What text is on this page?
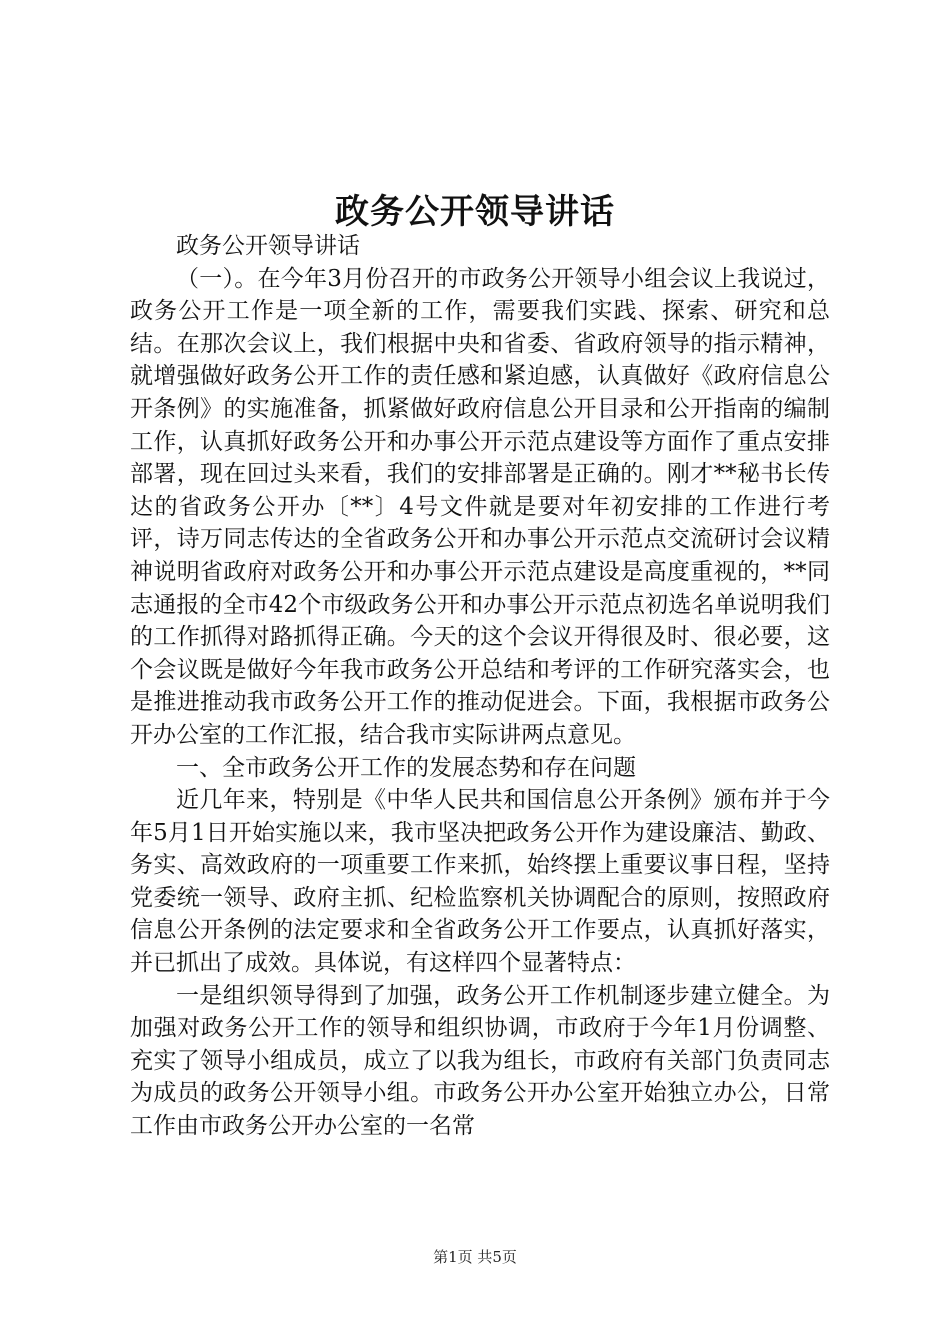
政务公开领导讲话

政务公开领导讲话

（一）。在今年3月份召开的市政务公开领导小组会议上我说过，政务公开工作是一项全新的工作，需要我们实践、探索、研究和总结。在那次会议上，我们根据中央和省委、省政府领导的指示精神，就增强做好政务公开工作的责任感和紧迫感，认真做好《政府信息公开条例》的实施准备，抓紧做好政府信息公开目录和公开指南的编制工作，认真抓好政务公开和办事公开示范点建设等方面作了重点安排部署，现在回过头来看，我们的安排部署是正确的。刚才**秘书长传达的省政务公开办〔**〕4号文件就是要对年初安排的工作进行考评，诗万同志传达的全省政务公开和办事公开示范点交流研讨会议精神说明省政府对政务公开和办事公开示范点建设是高度重视的，**同志通报的全市42个市级政务公开和办事公开示范点初选名单说明我们的工作抓得对路抓得正确。今天的这个会议开得很及时、很必要，这个会议既是做好今年我市政务公开总结和考评的工作研究落实会，也是推进推动我市政务公开工作的推动促进会。下面，我根据市政务公开办公室的工作汇报，结合我市实际讲两点意见。

一、全市政务公开工作的发展态势和存在问题

近几年来，特别是《中华人民共和国信息公开条例》颁布并于今年5月1日开始实施以来，我市坚决把政务公开作为建设廉洁、勤政、务实、高效政府的一项重要工作来抓，始终摆上重要议事日程，坚持党委统一领导、政府主抓、纪检监察机关协调配合的原则，按照政府信息公开条例的法定要求和全省政务公开工作要点，认真抓好落实，并已抓出了成效。具体说，有这样四个显著特点：

一是组织领导得到了加强，政务公开工作机制逐步建立健全。为加强对政务公开工作的领导和组织协调，市政府于今年1月份调整、充实了领导小组成员，成立了以我为组长，市政府有关部门负责同志为成员的政务公开领导小组。市政务公开办公室开始独立办公，日常工作由市政务公开办公室的一名常

第1页 共5页
